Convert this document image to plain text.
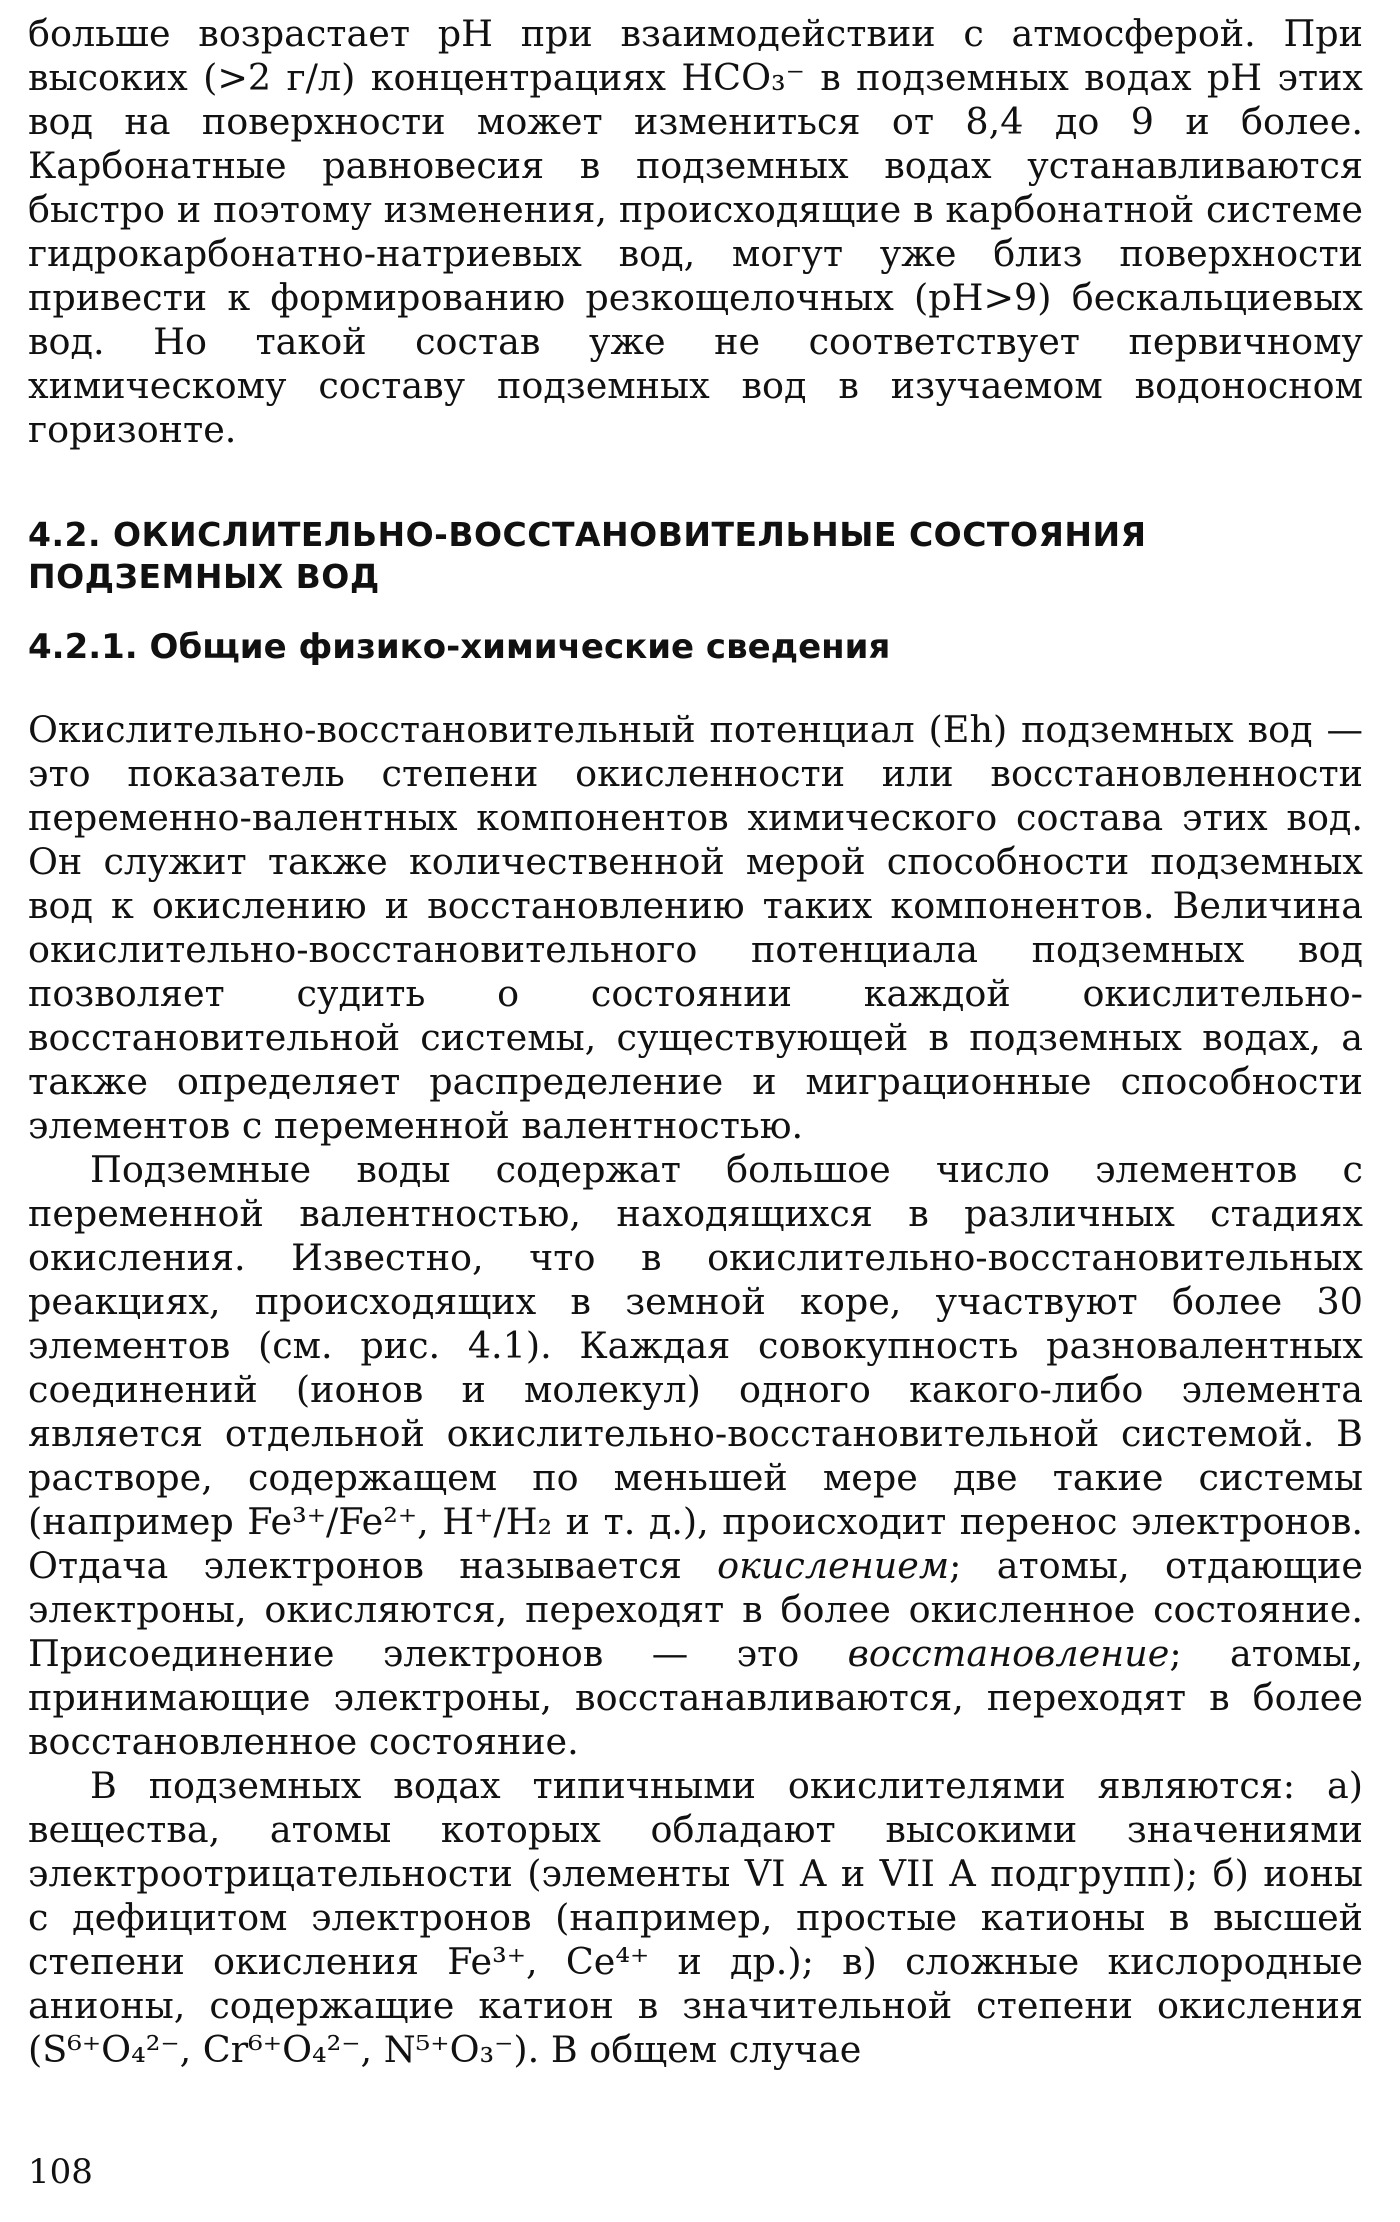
больше возрастает pH при взаимодействии с атмосферой. При высоких (>2 г/л) концентрациях HCO₃⁻ в подземных водах pH этих вод на поверхности может измениться от 8,4 до 9 и более. Карбонатные равновесия в подземных водах устанавливаются быстро и поэтому изменения, происходящие в карбонатной системе гидрокарбонатно-натриевых вод, могут уже близ поверхности привести к формированию резкощелочных (pH>9) бескальциевых вод. Но такой состав уже не соответствует первичному химическому составу подземных вод в изучаемом водоносном горизонте.

4.2. ОКИСЛИТЕЛЬНО-ВОССТАНОВИТЕЛЬНЫЕ СОСТОЯНИЯ
ПОДЗЕМНЫХ ВОД

4.2.1. Общие физико-химические сведения

Окислительно-восстановительный потенциал (Eh) подземных вод — это показатель степени окисленности или восстановленности переменно-валентных компонентов химического состава этих вод. Он служит также количественной мерой способности подземных вод к окислению и восстановлению таких компонентов. Величина окислительно-восстановительного потенциала подземных вод позволяет судить о состоянии каждой окислительно-восстановительной системы, существующей в подземных водах, а также определяет распределение и миграционные способности элементов с переменной валентностью.

Подземные воды содержат большое число элементов с переменной валентностью, находящихся в различных стадиях окисления. Известно, что в окислительно-восстановительных реакциях, происходящих в земной коре, участвуют более 30 элементов (см. рис. 4.1). Каждая совокупность разновалентных соединений (ионов и молекул) одного какого-либо элемента является отдельной окислительно-восстановительной системой. В растворе, содержащем по меньшей мере две такие системы (например Fe³⁺/Fe²⁺, H⁺/H₂ и т. д.), происходит перенос электронов. Отдача электронов называется окислением; атомы, отдающие электроны, окисляются, переходят в более окисленное состояние. Присоединение электронов — это восстановление; атомы, принимающие электроны, восстанавливаются, переходят в более восстановленное состояние.

В подземных водах типичными окислителями являются: а) вещества, атомы которых обладают высокими значениями электроотрицательности (элементы VI A и VII A подгрупп); б) ионы с дефицитом электронов (например, простые катионы в высшей степени окисления Fe³⁺, Ce⁴⁺ и др.); в) сложные кислородные анионы, содержащие катион в значительной степени окисления (S⁶⁺O₄²⁻, Cr⁶⁺O₄²⁻, N⁵⁺O₃⁻). В общем случае

108
